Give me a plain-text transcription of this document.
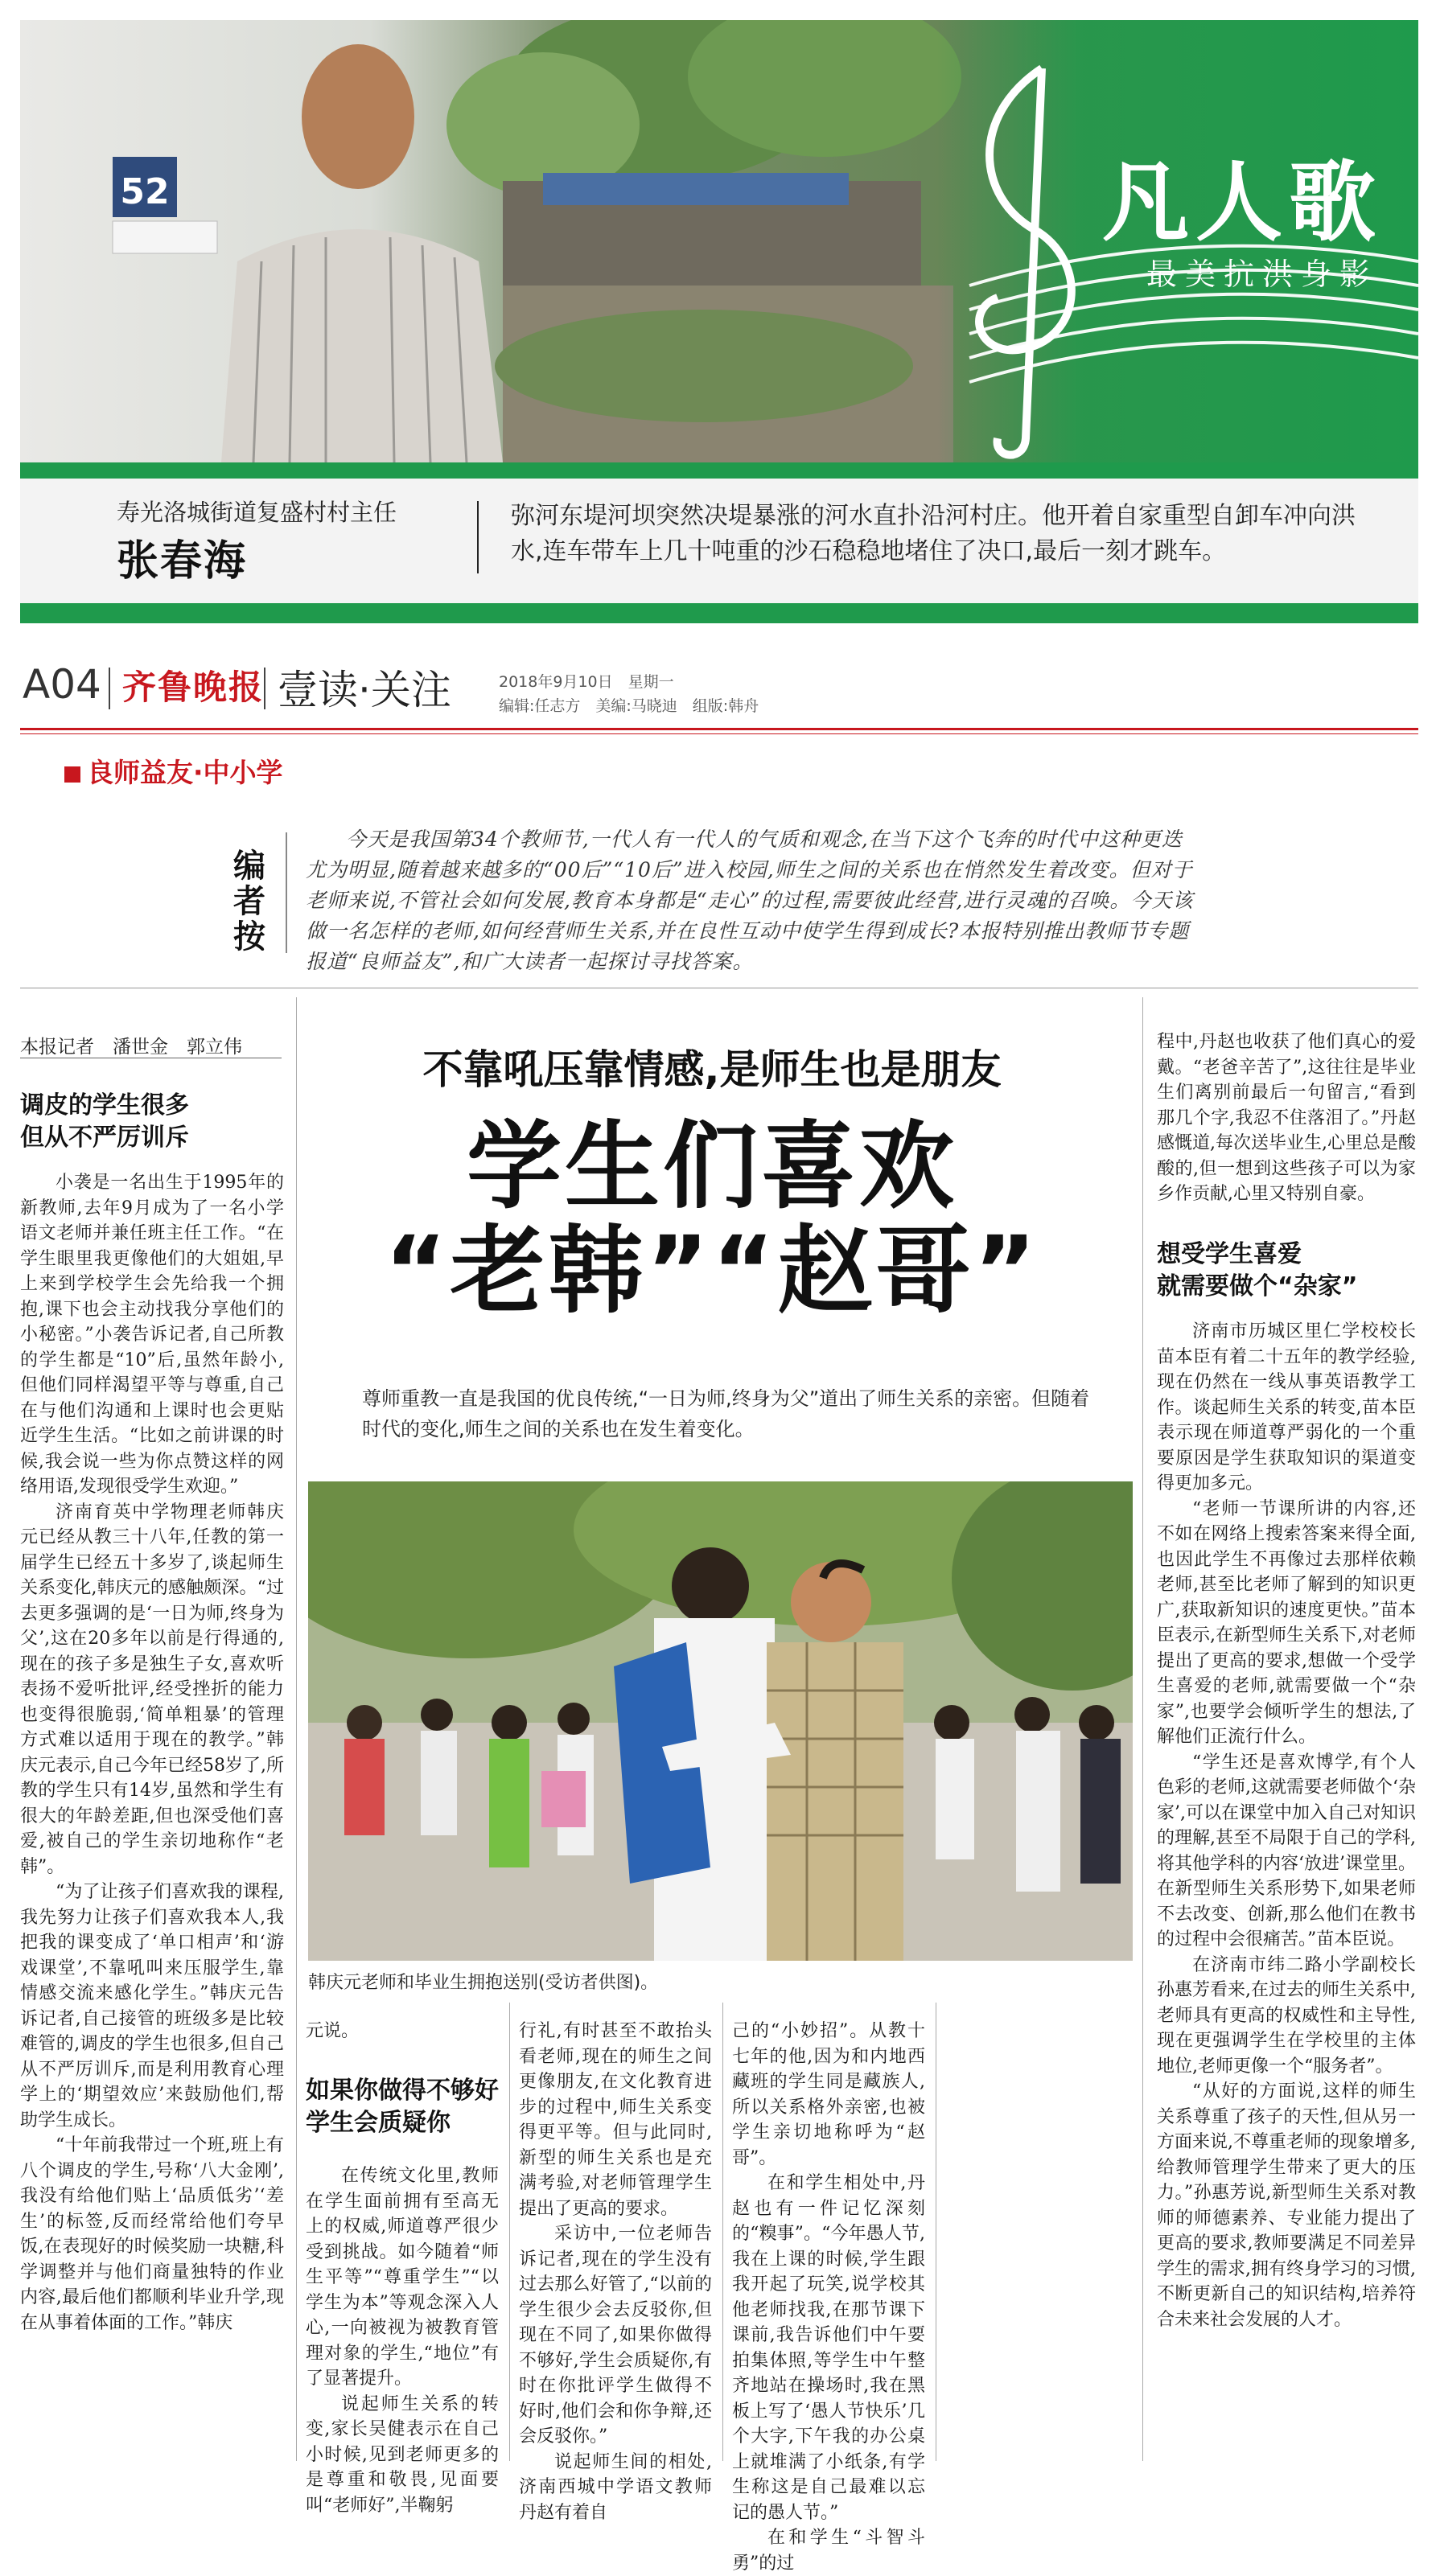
52	凡人歌
最美抗洪身影
寿光洛城街道复盛村村主任
张春海
弥河东堤河坝突然决堤暴涨的河水直扑沿河村庄。他开着自家重型自卸车冲向洪水,连车带车上几十吨重的沙石稳稳地堵住了决口,最后一刻才跳车。
A04 齐鲁晚报 壹读·关注	2018年9月10日　星期一
编辑:任志方　美编:马晓迪　组版:韩舟
良师益友·中小学
编者按
今天是我国第34个教师节,一代人有一代人的气质和观念,在当下这个飞奔的时代中这种更迭尤为明显,随着越来越多的“00后”“10后”进入校园,师生之间的关系也在悄然发生着改变。但对于老师来说,不管社会如何发展,教育本身都是“走心”的过程,需要彼此经营,进行灵魂的召唤。今天该做一名怎样的老师,如何经营师生关系,并在良性互动中使学生得到成长?本报特别推出教师节专题报道“良师益友”,和广大读者一起探讨寻找答案。
本报记者　潘世金　郭立伟
调皮的学生很多
但从不严厉训斥

小袭是一名出生于1995年的新教师,去年9月成为了一名小学语文老师并兼任班主任工作。“在学生眼里我更像他们的大姐姐,早上来到学校学生会先给我一个拥抱,课下也会主动找我分享他们的小秘密。”小袭告诉记者,自己所教的学生都是“10”后,虽然年龄小,但他们同样渴望平等与尊重,自己在与他们沟通和上课时也会更贴近学生生活。“比如之前讲课的时候,我会说一些为你点赞这样的网络用语,发现很受学生欢迎。”

济南育英中学物理老师韩庆元已经从教三十八年,任教的第一届学生已经五十多岁了,谈起师生关系变化,韩庆元的感触颇深。“过去更多强调的是‘一日为师,终身为父’,这在20多年以前是行得通的,现在的孩子多是独生子女,喜欢听表扬不爱听批评,经受挫折的能力也变得很脆弱,‘简单粗暴’的管理方式难以适用于现在的教学。”韩庆元表示,自己今年已经58岁了,所教的学生只有14岁,虽然和学生有很大的年龄差距,但也深受他们喜爱,被自己的学生亲切地称作“老韩”。

“为了让孩子们喜欢我的课程,我先努力让孩子们喜欢我本人,我把我的课变成了‘单口相声’和‘游戏课堂’,不靠吼叫来压服学生,靠情感交流来感化学生。”韩庆元告诉记者,自己接管的班级多是比较难管的,调皮的学生也很多,但自己从不严厉训斥,而是利用教育心理学上的‘期望效应’来鼓励他们,帮助学生成长。

“十年前我带过一个班,班上有八个调皮的学生,号称‘八大金刚’,我没有给他们贴上‘品质低劣’‘差生’的标签,反而经常给他们夸早饭,在表现好的时候奖励一块糖,科学调整并与他们商量独特的作业内容,最后他们都顺利毕业升学,现在从事着体面的工作。”韩庆

不靠吼压靠情感,是师生也是朋友
学生们喜欢
“老韩”“赵哥”
尊师重教一直是我国的优良传统,“一日为师,终身为父”道出了师生关系的亲密。但随着时代的变化,师生之间的关系也在发生着变化。
韩庆元老师和毕业生拥抱送别(受访者供图)。

元说。

如果你做得不够好
学生会质疑你

在传统文化里,教师在学生面前拥有至高无上的权威,师道尊严很少受到挑战。如今随着“师生平等”“尊重学生”“以学生为本”等观念深入人心,一向被视为被教育管理对象的学生,“地位”有了显著提升。

说起师生关系的转变,家长吴健表示在自己小时候,见到老师更多的是尊重和敬畏,见面要叫“老师好”,半鞠躬

行礼,有时甚至不敢抬头看老师,现在的师生之间更像朋友,在文化教育进步的过程中,师生关系变得更平等。但与此同时,新型的师生关系也是充满考验,对老师管理学生提出了更高的要求。

采访中,一位老师告诉记者,现在的学生没有过去那么好管了,“以前的学生很少会去反驳你,但现在不同了,如果你做得不够好,学生会质疑你,有时在你批评学生做得不好时,他们会和你争辩,还会反驳你。”

说起师生间的相处,济南西城中学语文教师丹赵有着自

己的“小妙招”。从教十七年的他,因为和内地西藏班的学生同是藏族人,所以关系格外亲密,也被学生亲切地称呼为“赵哥”。

在和学生相处中,丹赵也有一件记忆深刻的“糗事”。“今年愚人节,我在上课的时候,学生跟我开起了玩笑,说学校其他老师找我,在那节课下课前,我告诉他们中午要拍集体照,等学生中午整齐地站在操场时,我在黑板上写了‘愚人节快乐’几个大字,下午我的办公桌上就堆满了小纸条,有学生称这是自己最难以忘记的愚人节。”

在和学生“斗智斗勇”的过

程中,丹赵也收获了他们真心的爱戴。“老爸辛苦了”,这往往是毕业生们离别前最后一句留言,“看到那几个字,我忍不住落泪了。”丹赵感慨道,每次送毕业生,心里总是酸酸的,但一想到这些孩子可以为家乡作贡献,心里又特别自豪。

想受学生喜爱
就需要做个“杂家”

济南市历城区里仁学校校长苗本臣有着二十五年的教学经验,现在仍然在一线从事英语教学工作。谈起师生关系的转变,苗本臣表示现在师道尊严弱化的一个重要原因是学生获取知识的渠道变得更加多元。

“老师一节课所讲的内容,还不如在网络上搜索答案来得全面,也因此学生不再像过去那样依赖老师,甚至比老师了解到的知识更广,获取新知识的速度更快。”苗本臣表示,在新型师生关系下,对老师提出了更高的要求,想做一个受学生喜爱的老师,就需要做一个“杂家”,也要学会倾听学生的想法,了解他们正流行什么。

“学生还是喜欢博学,有个人色彩的老师,这就需要老师做个‘杂家’,可以在课堂中加入自己对知识的理解,甚至不局限于自己的学科,将其他学科的内容‘放进’课堂里。在新型师生关系形势下,如果老师不去改变、创新,那么他们在教书的过程中会很痛苦。”苗本臣说。

在济南市纬二路小学副校长孙惠芳看来,在过去的师生关系中,老师具有更高的权威性和主导性,现在更强调学生在学校里的主体地位,老师更像一个“服务者”。

“从好的方面说,这样的师生关系尊重了孩子的天性,但从另一方面来说,不尊重老师的现象增多,给教师管理学生带来了更大的压力。”孙惠芳说,新型师生关系对教师的师德素养、专业能力提出了更高的要求,教师要满足不同差异学生的需求,拥有终身学习的习惯,不断更新自己的知识结构,培养符合未来社会发展的人才。
